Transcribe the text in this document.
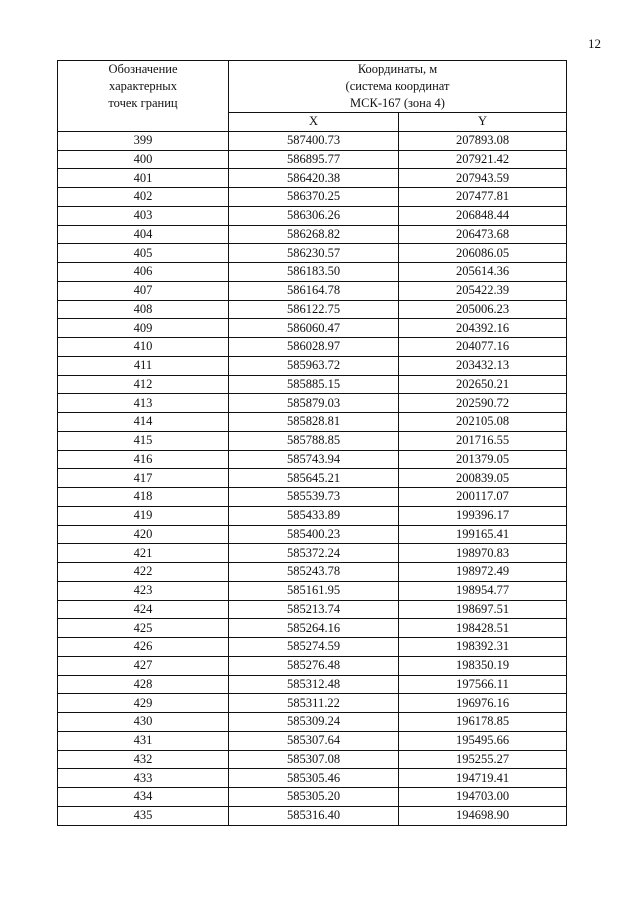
12
Обозначение
характерных
точек границ	Координаты, м
(система координат
МСК-167 (зона 4)	

	X	Y
399	587400.73	207893.08
400	586895.77	207921.42
401	586420.38	207943.59
402	586370.25	207477.81
403	586306.26	206848.44
404	586268.82	206473.68
405	586230.57	206086.05
406	586183.50	205614.36
407	586164.78	205422.39
408	586122.75	205006.23
409	586060.47	204392.16
410	586028.97	204077.16
411	585963.72	203432.13
412	585885.15	202650.21
413	585879.03	202590.72
414	585828.81	202105.08
415	585788.85	201716.55
416	585743.94	201379.05
417	585645.21	200839.05
418	585539.73	200117.07
419	585433.89	199396.17
420	585400.23	199165.41
421	585372.24	198970.83
422	585243.78	198972.49
423	585161.95	198954.77
424	585213.74	198697.51
425	585264.16	198428.51
426	585274.59	198392.31
427	585276.48	198350.19
428	585312.48	197566.11
429	585311.22	196976.16
430	585309.24	196178.85
431	585307.64	195495.66
432	585307.08	195255.27
433	585305.46	194719.41
434	585305.20	194703.00
435	585316.40	194698.90
